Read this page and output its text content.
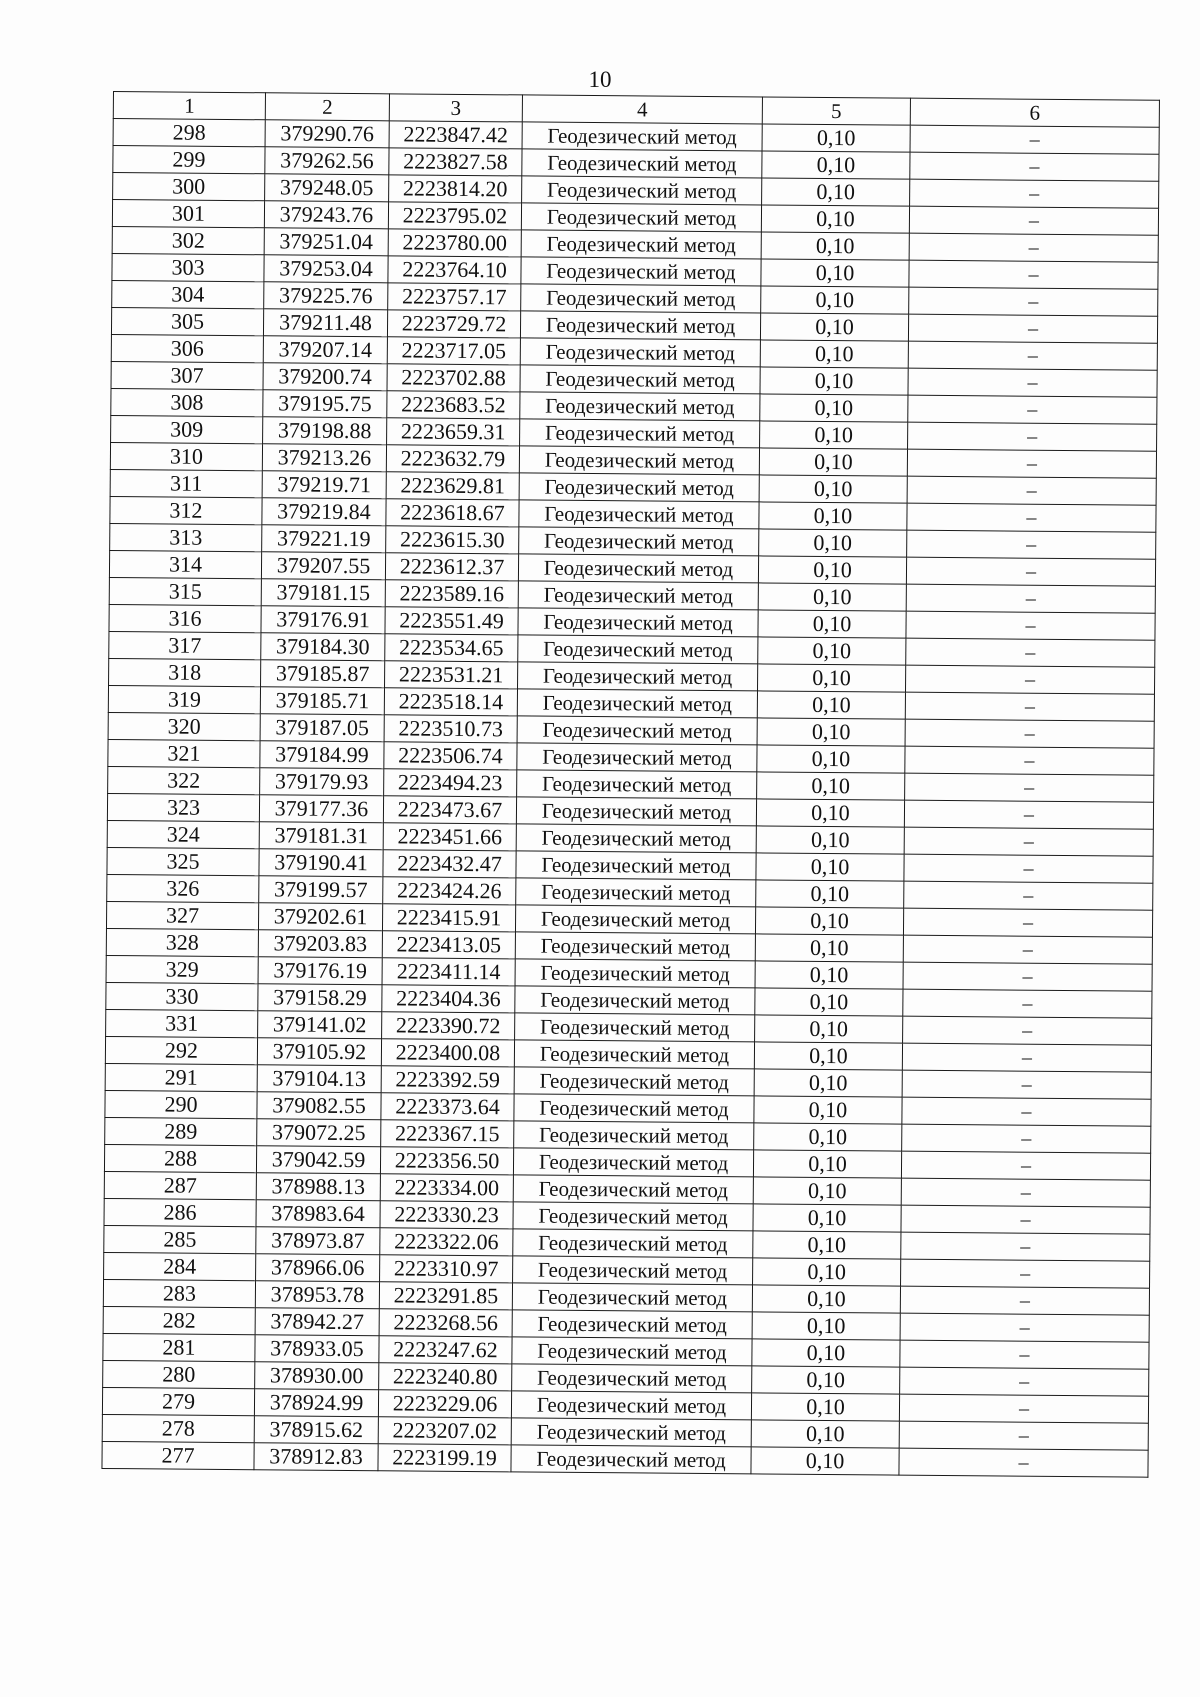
10
1	2	3	4	5	6
298	379290.76	2223847.42	Геодезический метод	0,10	–
299	379262.56	2223827.58	Геодезический метод	0,10	–
300	379248.05	2223814.20	Геодезический метод	0,10	–
301	379243.76	2223795.02	Геодезический метод	0,10	–
302	379251.04	2223780.00	Геодезический метод	0,10	–
303	379253.04	2223764.10	Геодезический метод	0,10	–
304	379225.76	2223757.17	Геодезический метод	0,10	–
305	379211.48	2223729.72	Геодезический метод	0,10	–
306	379207.14	2223717.05	Геодезический метод	0,10	–
307	379200.74	2223702.88	Геодезический метод	0,10	–
308	379195.75	2223683.52	Геодезический метод	0,10	–
309	379198.88	2223659.31	Геодезический метод	0,10	–
310	379213.26	2223632.79	Геодезический метод	0,10	–
311	379219.71	2223629.81	Геодезический метод	0,10	–
312	379219.84	2223618.67	Геодезический метод	0,10	–
313	379221.19	2223615.30	Геодезический метод	0,10	–
314	379207.55	2223612.37	Геодезический метод	0,10	–
315	379181.15	2223589.16	Геодезический метод	0,10	–
316	379176.91	2223551.49	Геодезический метод	0,10	–
317	379184.30	2223534.65	Геодезический метод	0,10	–
318	379185.87	2223531.21	Геодезический метод	0,10	–
319	379185.71	2223518.14	Геодезический метод	0,10	–
320	379187.05	2223510.73	Геодезический метод	0,10	–
321	379184.99	2223506.74	Геодезический метод	0,10	–
322	379179.93	2223494.23	Геодезический метод	0,10	–
323	379177.36	2223473.67	Геодезический метод	0,10	–
324	379181.31	2223451.66	Геодезический метод	0,10	–
325	379190.41	2223432.47	Геодезический метод	0,10	–
326	379199.57	2223424.26	Геодезический метод	0,10	–
327	379202.61	2223415.91	Геодезический метод	0,10	–
328	379203.83	2223413.05	Геодезический метод	0,10	–
329	379176.19	2223411.14	Геодезический метод	0,10	–
330	379158.29	2223404.36	Геодезический метод	0,10	–
331	379141.02	2223390.72	Геодезический метод	0,10	–
292	379105.92	2223400.08	Геодезический метод	0,10	–
291	379104.13	2223392.59	Геодезический метод	0,10	–
290	379082.55	2223373.64	Геодезический метод	0,10	–
289	379072.25	2223367.15	Геодезический метод	0,10	–
288	379042.59	2223356.50	Геодезический метод	0,10	–
287	378988.13	2223334.00	Геодезический метод	0,10	–
286	378983.64	2223330.23	Геодезический метод	0,10	–
285	378973.87	2223322.06	Геодезический метод	0,10	–
284	378966.06	2223310.97	Геодезический метод	0,10	–
283	378953.78	2223291.85	Геодезический метод	0,10	–
282	378942.27	2223268.56	Геодезический метод	0,10	–
281	378933.05	2223247.62	Геодезический метод	0,10	–
280	378930.00	2223240.80	Геодезический метод	0,10	–
279	378924.99	2223229.06	Геодезический метод	0,10	–
278	378915.62	2223207.02	Геодезический метод	0,10	–
277	378912.83	2223199.19	Геодезический метод	0,10	–
